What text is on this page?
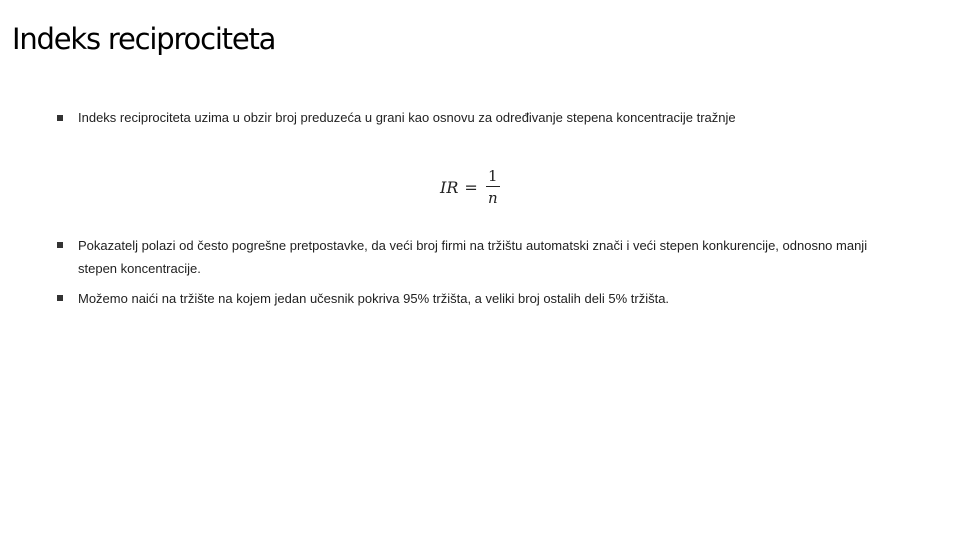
Indeks reciprociteta
Indeks reciprociteta uzima u obzir broj preduzeća u grani kao osnovu za određivanje stepena koncentracije tražnje
IR = $\frac{1}{n}$
Pokazatelj polazi od često pogrešne pretpostavke, da veći broj firmi na tržištu automatski znači i veći stepen konkurencije, odnosno manji stepen koncentracije.
Možemo naići na tržište na kojem jedan učesnik pokriva 95% tržišta, a veliki broj ostalih deli 5% tržišta.
